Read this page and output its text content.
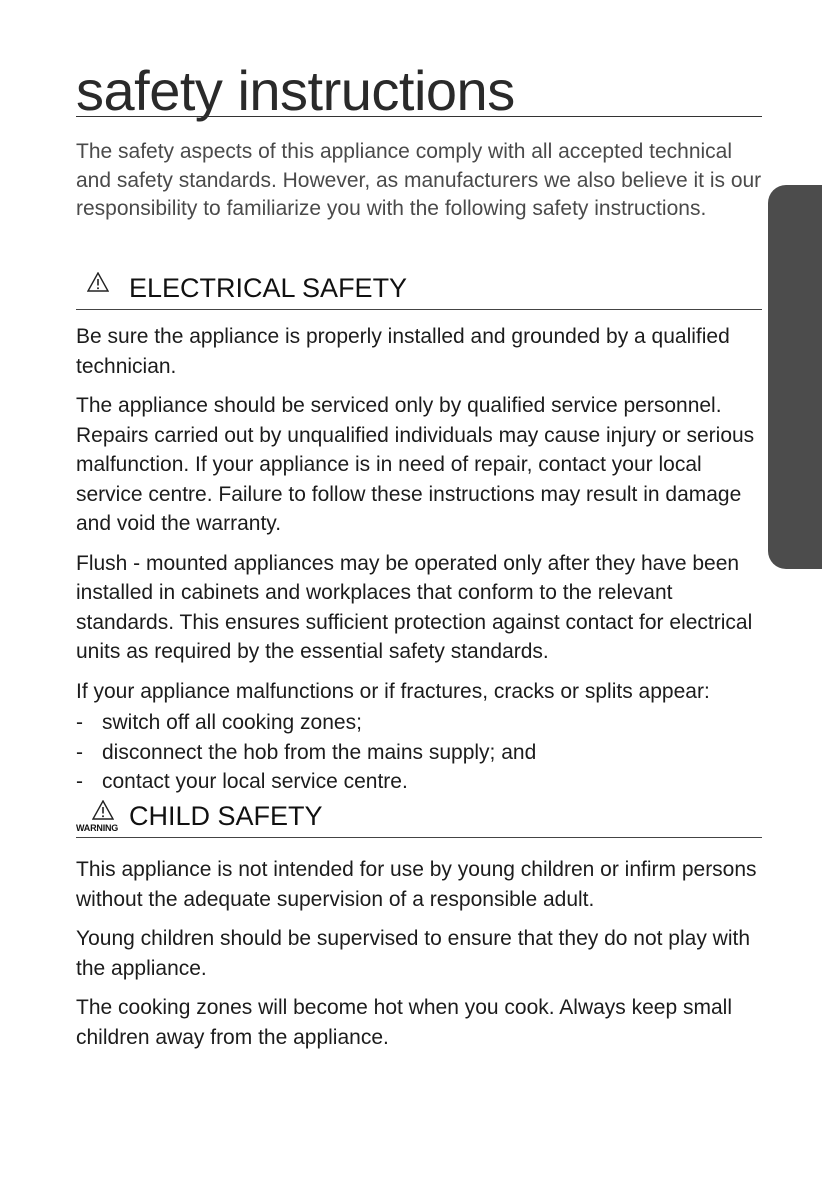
safety instructions

The safety aspects of this appliance comply with all accepted technical and safety standards. However, as manufacturers we also believe it is our responsibility to familiarize you with the following safety instructions.

ELECTRICAL SAFETY

Be sure the appliance is properly installed and grounded by a qualified technician.

The appliance should be serviced only by qualified service personnel. Repairs carried out by unqualified individuals may cause injury or serious malfunction. If your appliance is in need of repair, contact your local service centre. Failure to follow these instructions may result in damage and void the warranty.

Flush - mounted appliances may be operated only after they have been installed in cabinets and workplaces that conform to the relevant standards. This ensures sufficient protection against contact for electrical units as required by the essential safety standards.

If your appliance malfunctions or if fractures, cracks or splits appear:

- switch off all cooking zones;
- disconnect the hob from the mains supply; and
- contact your local service centre.
WARNING CHILD SAFETY

This appliance is not intended for use by young children or infirm persons without the adequate supervision of a responsible adult.

Young children should be supervised to ensure that they do not play with the appliance.

The cooking zones will become hot when you cook. Always keep small children away from the appliance.
